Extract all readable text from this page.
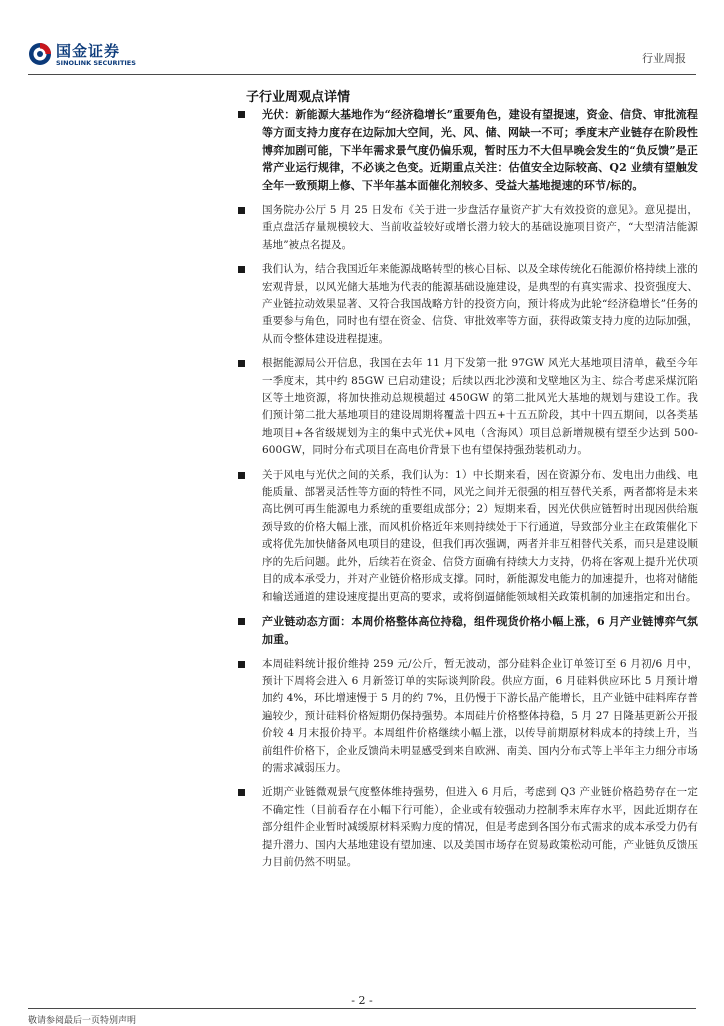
国金证券
SINOLINK SECURITIES	行业周报
子行业周观点详情
光伏：新能源大基地作为“经济稳增长”重要角色，建设有望提速，资金、信贷、审批流程等方面支持力度存在边际加大空间，光、风、储、网缺一不可；季度末产业链存在阶段性博弈加剧可能，下半年需求景气度仍偏乐观，暂时压力不大但早晚会发生的“负反馈”是正常产业运行规律，不必谈之色变。近期重点关注：估值安全边际较高、Q2 业绩有望触发全年一致预期上修、下半年基本面催化剂较多、受益大基地提速的环节/标的。
国务院办公厅 5 月 25 日发布《关于进一步盘活存量资产扩大有效投资的意见》。意见提出，重点盘活存量规模较大、当前收益较好或增长潜力较大的基础设施项目资产，“大型清洁能源基地”被点名提及。
我们认为，结合我国近年来能源战略转型的核心目标、以及全球传统化石能源价格持续上涨的宏观背景，以风光储大基地为代表的能源基础设施建设，是典型的有真实需求、投资强度大、产业链拉动效果显著、又符合我国战略方针的投资方向，预计将成为此轮“经济稳增长”任务的重要参与角色，同时也有望在资金、信贷、审批效率等方面，获得政策支持力度的边际加强，从而令整体建设进程提速。
根据能源局公开信息，我国在去年 11 月下发第一批 97GW 风光大基地项目清单，截至今年一季度末，其中约 85GW 已启动建设；后续以西北沙漠和戈壁地区为主、综合考虑采煤沉陷区等土地资源，将加快推动总规模超过 450GW 的第二批风光大基地的规划与建设工作。我们预计第二批大基地项目的建设周期将覆盖十四五+十五五阶段，其中十四五期间，以各类基地项目+各省级规划为主的集中式光伏+风电（含海风）项目总新增规模有望至少达到 500-600GW，同时分布式项目在高电价背景下也有望保持强劲装机动力。
关于风电与光伏之间的关系，我们认为：1）中长期来看，因在资源分布、发电出力曲线、电能质量、部署灵活性等方面的特性不同，风光之间并无很强的相互替代关系，两者都将是未来高比例可再生能源电力系统的重要组成部分；2）短期来看，因光伏供应链暂时出现因供给瓶颈导致的价格大幅上涨，而风机价格近年来则持续处于下行通道，导致部分业主在政策催化下或将优先加快储备风电项目的建设，但我们再次强调，两者并非互相替代关系，而只是建设顺序的先后问题。此外，后续若在资金、信贷方面确有持续大力支持，仍将在客观上提升光伏项目的成本承受力，并对产业链价格形成支撑。同时，新能源发电能力的加速提升，也将对储能和输送通道的建设速度提出更高的要求，或将倒逼储能领域相关政策机制的加速指定和出台。
产业链动态方面：本周价格整体高位持稳，组件现货价格小幅上涨，6 月产业链博弈气氛加重。
本周硅料统计报价维持 259 元/公斤，暂无波动，部分硅料企业订单签订至 6 月初/6 月中，预计下周将会进入 6 月新签订单的实际谈判阶段。供应方面，6 月硅料供应环比 5 月预计增加约 4%，环比增速慢于 5 月的约 7%，且仍慢于下游长晶产能增长，且产业链中硅料库存普遍较少，预计硅料价格短期仍保持强势。本周硅片价格整体持稳，5 月 27 日隆基更新公开报价较 4 月末报价持平。本周组件价格继续小幅上涨，以传导前期原材料成本的持续上升，当前组件价格下，企业反馈尚未明显感受到来自欧洲、南美、国内分布式等上半年主力细分市场的需求减弱压力。
近期产业链微观景气度整体维持强势，但进入 6 月后，考虑到 Q3 产业链价格趋势存在一定不确定性（目前看存在小幅下行可能），企业或有较强动力控制季末库存水平，因此近期存在部分组件企业暂时减缓原材料采购力度的情况，但是考虑到各国分布式需求的成本承受力仍有提升潜力、国内大基地建设有望加速、以及美国市场存在贸易政策松动可能，产业链负反馈压力目前仍然不明显。
- 2 -
敬请参阅最后一页特别声明
